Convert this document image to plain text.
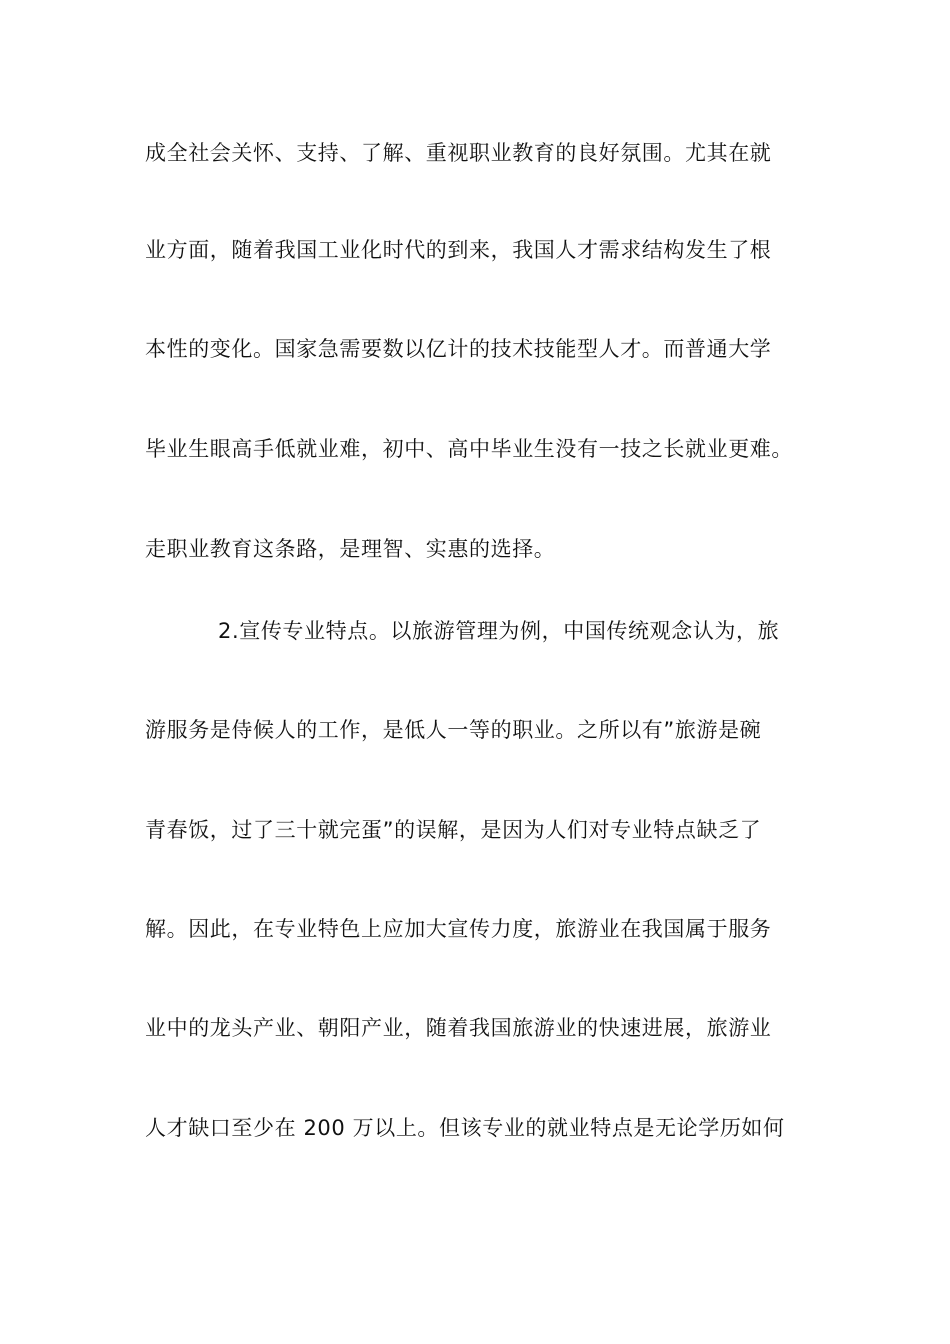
成全社会关怀、支持、了解、重视职业教育的良好氛围。尤其在就
业方面，随着我国工业化时代的到来，我国人才需求结构发生了根
本性的变化。国家急需要数以亿计的技术技能型人才。而普通大学
毕业生眼高手低就业难，初中、高中毕业生没有一技之长就业更难。
走职业教育这条路，是理智、实惠的选择。
2.宣传专业特点。以旅游管理为例，中国传统观念认为，旅
游服务是侍候人的工作，是低人一等的职业。之所以有”旅游是碗
青春饭，过了三十就完蛋”的误解，是因为人们对专业特点缺乏了
解。因此，在专业特色上应加大宣传力度，旅游业在我国属于服务
业中的龙头产业、朝阳产业，随着我国旅游业的快速进展，旅游业
人才缺口至少在 200 万以上。但该专业的就业特点是无论学历如何
